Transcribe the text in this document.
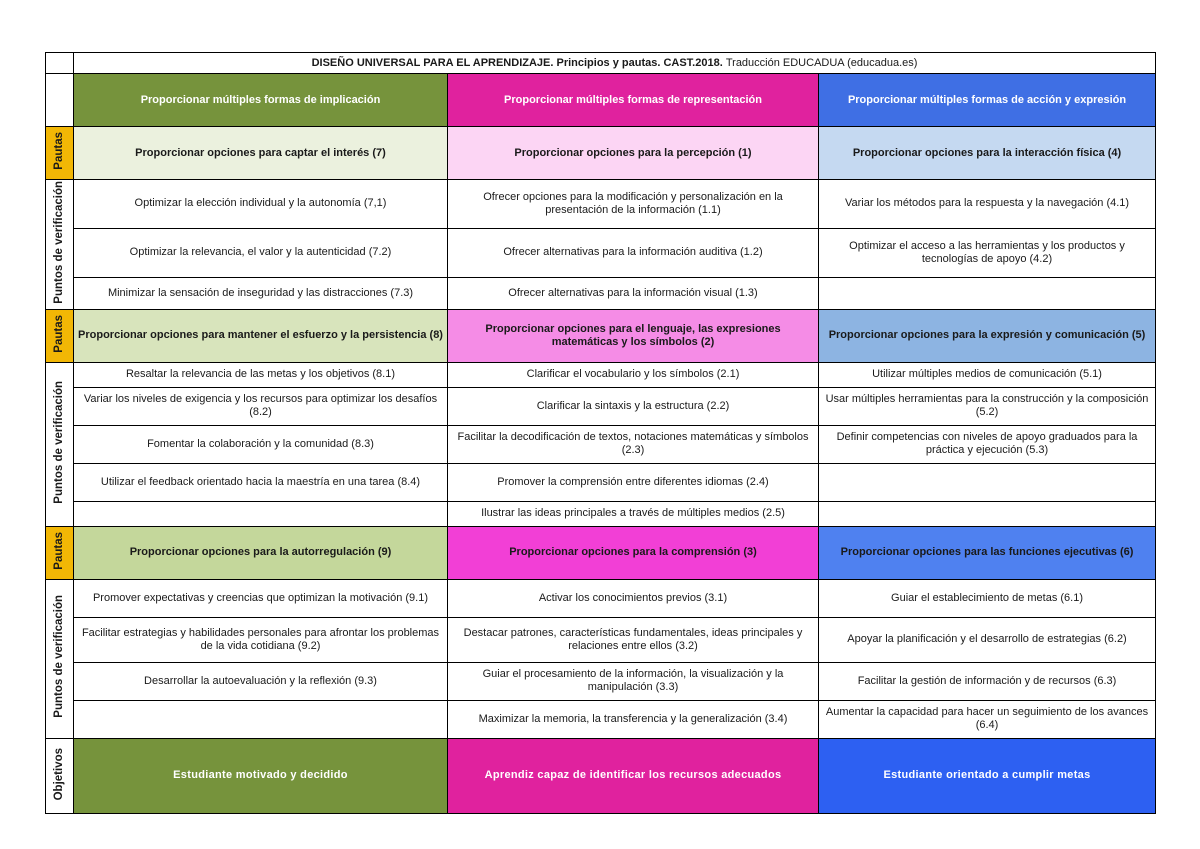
	DISEÑO UNIVERSAL PARA EL APRENDIZAJE. Principios y pautas. CAST.2018. Traducción EDUCADUA (educadua.es)		
	Proporcionar múltiples formas de implicación	Proporcionar múltiples formas de representación	Proporcionar múltiples formas de acción y expresión
Pautas	Proporcionar opciones para captar el interés (7)	Proporcionar opciones para la percepción (1)	Proporcionar opciones para la interacción física (4)
Puntos de verificación	Optimizar la elección individual y la autonomía (7,1)	Ofrecer opciones para la modificación y personalización en la presentación de la información (1.1)	Variar los métodos para la respuesta y la navegación (4.1)
	Optimizar la relevancia, el valor y la autenticidad (7.2)	Ofrecer alternativas para la información auditiva (1.2)	Optimizar el acceso a las herramientas y los productos y tecnologías de apoyo (4.2)
	Minimizar la sensación de inseguridad y las distracciones (7.3)	Ofrecer alternativas para la información visual (1.3)	
Pautas	Proporcionar opciones para mantener el esfuerzo y la persistencia (8)	Proporcionar opciones para el lenguaje, las expresiones matemáticas y los símbolos (2)	Proporcionar opciones para la expresión y comunicación (5)
Puntos de verificación	Resaltar la relevancia de las metas y los objetivos (8.1)	Clarificar el vocabulario y los símbolos (2.1)	Utilizar múltiples medios de comunicación (5.1)
	Variar los niveles de exigencia y los recursos para optimizar los desafíos (8.2)	Clarificar la sintaxis y la estructura (2.2)	Usar múltiples herramientas para la construcción y la composición (5.2)
	Fomentar la colaboración y la comunidad (8.3)	Facilitar la decodificación de textos, notaciones matemáticas y símbolos (2.3)	Definir competencias con niveles de apoyo graduados para la práctica y ejecución (5.3)
	Utilizar el feedback orientado hacia la maestría en una tarea (8.4)	Promover la comprensión entre diferentes idiomas (2.4)	
		Ilustrar las ideas principales a través de múltiples medios (2.5)	
Pautas	Proporcionar opciones para la autorregulación (9)	Proporcionar opciones para la comprensión (3)	Proporcionar opciones para las funciones ejecutivas (6)
Puntos de verificación	Promover expectativas y creencias que optimizan la motivación (9.1)	Activar los conocimientos previos (3.1)	Guiar el establecimiento de metas (6.1)
	Facilitar estrategias y habilidades personales para afrontar los problemas de la vida cotidiana (9.2)	Destacar patrones, características fundamentales, ideas principales y relaciones entre ellos (3.2)	Apoyar la planificación y el desarrollo de estrategias (6.2)
	Desarrollar la autoevaluación y la reflexión (9.3)	Guiar el procesamiento de la información, la visualización y la manipulación (3.3)	Facilitar la gestión de información y de recursos (6.3)
		Maximizar la memoria, la transferencia y la generalización (3.4)	Aumentar la capacidad para hacer un seguimiento de los avances (6.4)
Objetivos	Estudiante motivado y decidido	Aprendiz capaz de identificar los recursos adecuados	Estudiante orientado a cumplir metas
